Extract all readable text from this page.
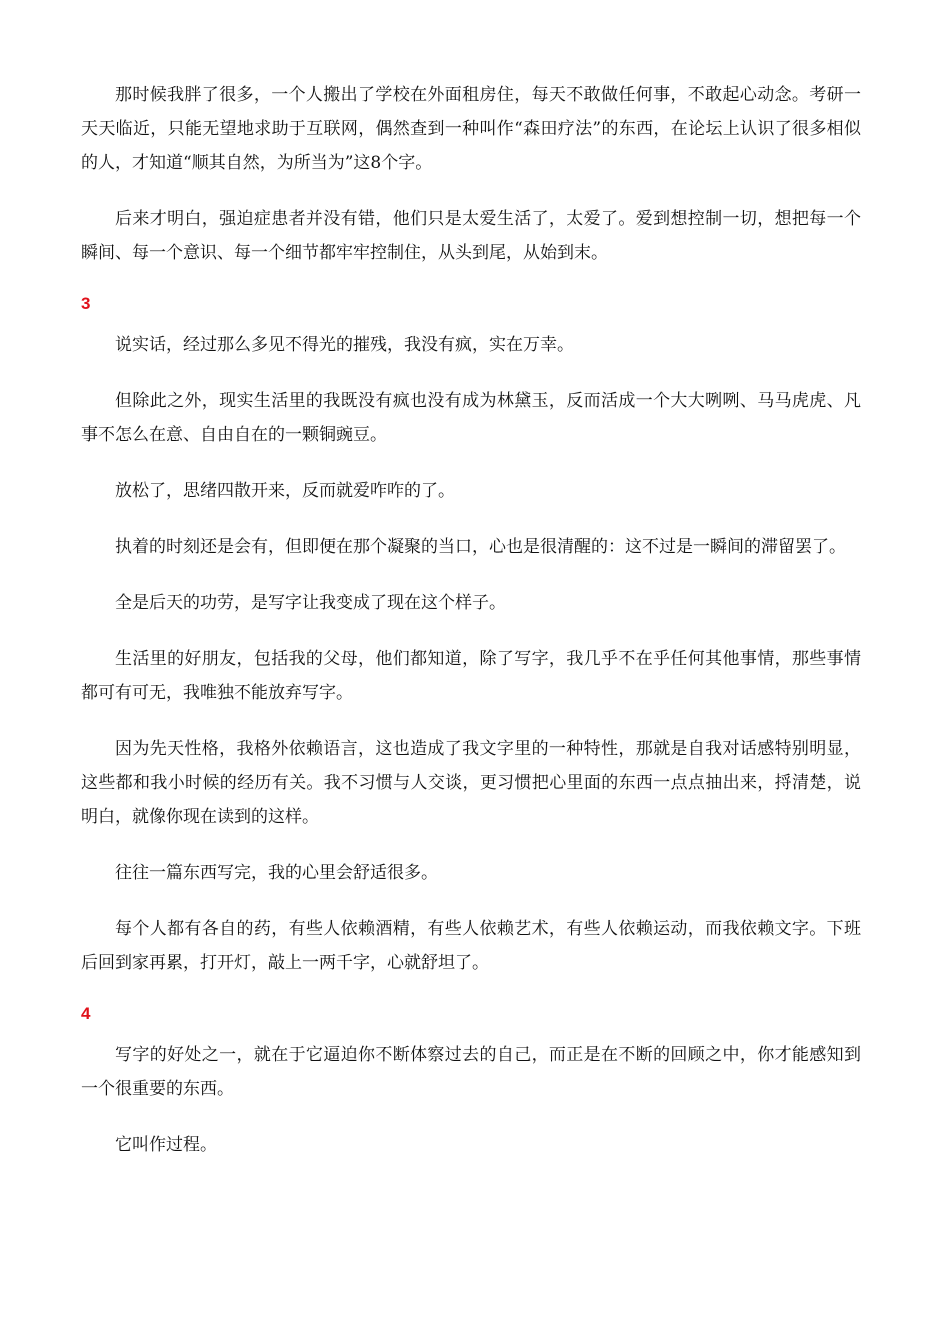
那时候我胖了很多，一个人搬出了学校在外面租房住，每天不敢做任何事，不敢起心动念。考研一天天临近，只能无望地求助于互联网，偶然查到一种叫作“森田疗法”的东西，在论坛上认识了很多相似的人，才知道“顺其自然，为所当为”这8个字。

后来才明白，强迫症患者并没有错，他们只是太爱生活了，太爱了。爱到想控制一切，想把每一个瞬间、每一个意识、每一个细节都牢牢控制住，从头到尾，从始到末。

3

说实话，经过那么多见不得光的摧残，我没有疯，实在万幸。

但除此之外，现实生活里的我既没有疯也没有成为林黛玉，反而活成一个大大咧咧、马马虎虎、凡事不怎么在意、自由自在的一颗铜豌豆。

放松了，思绪四散开来，反而就爱咋咋的了。

执着的时刻还是会有，但即便在那个凝聚的当口，心也是很清醒的：这不过是一瞬间的滞留罢了。

全是后天的功劳，是写字让我变成了现在这个样子。

生活里的好朋友，包括我的父母，他们都知道，除了写字，我几乎不在乎任何其他事情，那些事情都可有可无，我唯独不能放弃写字。

因为先天性格，我格外依赖语言，这也造成了我文字里的一种特性，那就是自我对话感特别明显，这些都和我小时候的经历有关。我不习惯与人交谈，更习惯把心里面的东西一点点抽出来，捋清楚，说明白，就像你现在读到的这样。

往往一篇东西写完，我的心里会舒适很多。

每个人都有各自的药，有些人依赖酒精，有些人依赖艺术，有些人依赖运动，而我依赖文字。下班后回到家再累，打开灯，敲上一两千字，心就舒坦了。

4

写字的好处之一，就在于它逼迫你不断体察过去的自己，而正是在不断的回顾之中，你才能感知到一个很重要的东西。

它叫作过程。
